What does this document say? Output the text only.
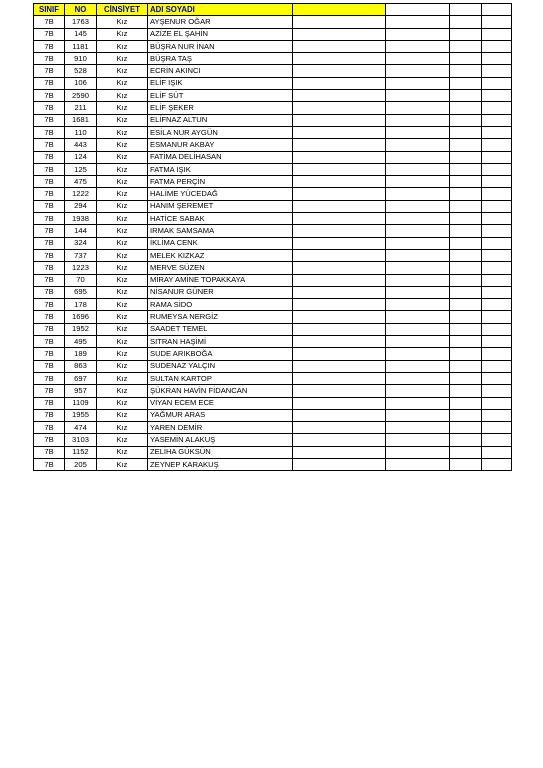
SINIF	NO	CİNSİYET	ADI SOYADI				
7B	1763	Kız	AYŞENUR OĞAR				
7B	145	Kız	AZİZE EL ŞAHİN				
7B	1181	Kız	BÜŞRA NUR İNAN				
7B	910	Kız	BÜŞRA TAŞ				
7B	528	Kız	ECRİN AKINCI				
7B	106	Kız	ELİF IŞIK				
7B	2590	Kız	ELİF SÜT				
7B	211	Kız	ELİF ŞEKER				
7B	1681	Kız	ELİFNAZ ALTUN				
7B	110	Kız	ESİLA NUR AYGÜN				
7B	443	Kız	ESMANUR AKBAY				
7B	124	Kız	FATİMA DELİHASAN				
7B	125	Kız	FATMA IŞIK				
7B	475	Kız	FATMA PERÇİN				
7B	1222	Kız	HALİME YÜCEDAĞ				
7B	294	Kız	HANIM ŞEREMET				
7B	1938	Kız	HATİCE SABAK				
7B	144	Kız	IRMAK SAMSAMA				
7B	324	Kız	İKLİMA CENK				
7B	737	Kız	MELEK KIZKAZ				
7B	1223	Kız	MERVE SÜZEN				
7B	70	Kız	MİRAY AMİNE TOPAKKAYA				
7B	695	Kız	NİSANUR GÜNER				
7B	178	Kız	RAMA SİDO				
7B	1696	Kız	RUMEYSA NERGİZ				
7B	1952	Kız	SAADET TEMEL				
7B	495	Kız	SITRAN HAŞİMİ				
7B	189	Kız	SUDE ARIKBOĞA				
7B	863	Kız	SUDENAZ YALÇIN				
7B	697	Kız	SULTAN KARTOP				
7B	957	Kız	ŞÜKRAN HAVİN FİDANCAN				
7B	1109	Kız	VİYAN ECEM ECE				
7B	1955	Kız	YAĞMUR ARAS				
7B	474	Kız	YAREN DEMİR				
7B	3103	Kız	YASEMİN ALAKUŞ				
7B	1152	Kız	ZELİHA GÜKSÜN				
7B	205	Kız	ZEYNEP KARAKUŞ				
